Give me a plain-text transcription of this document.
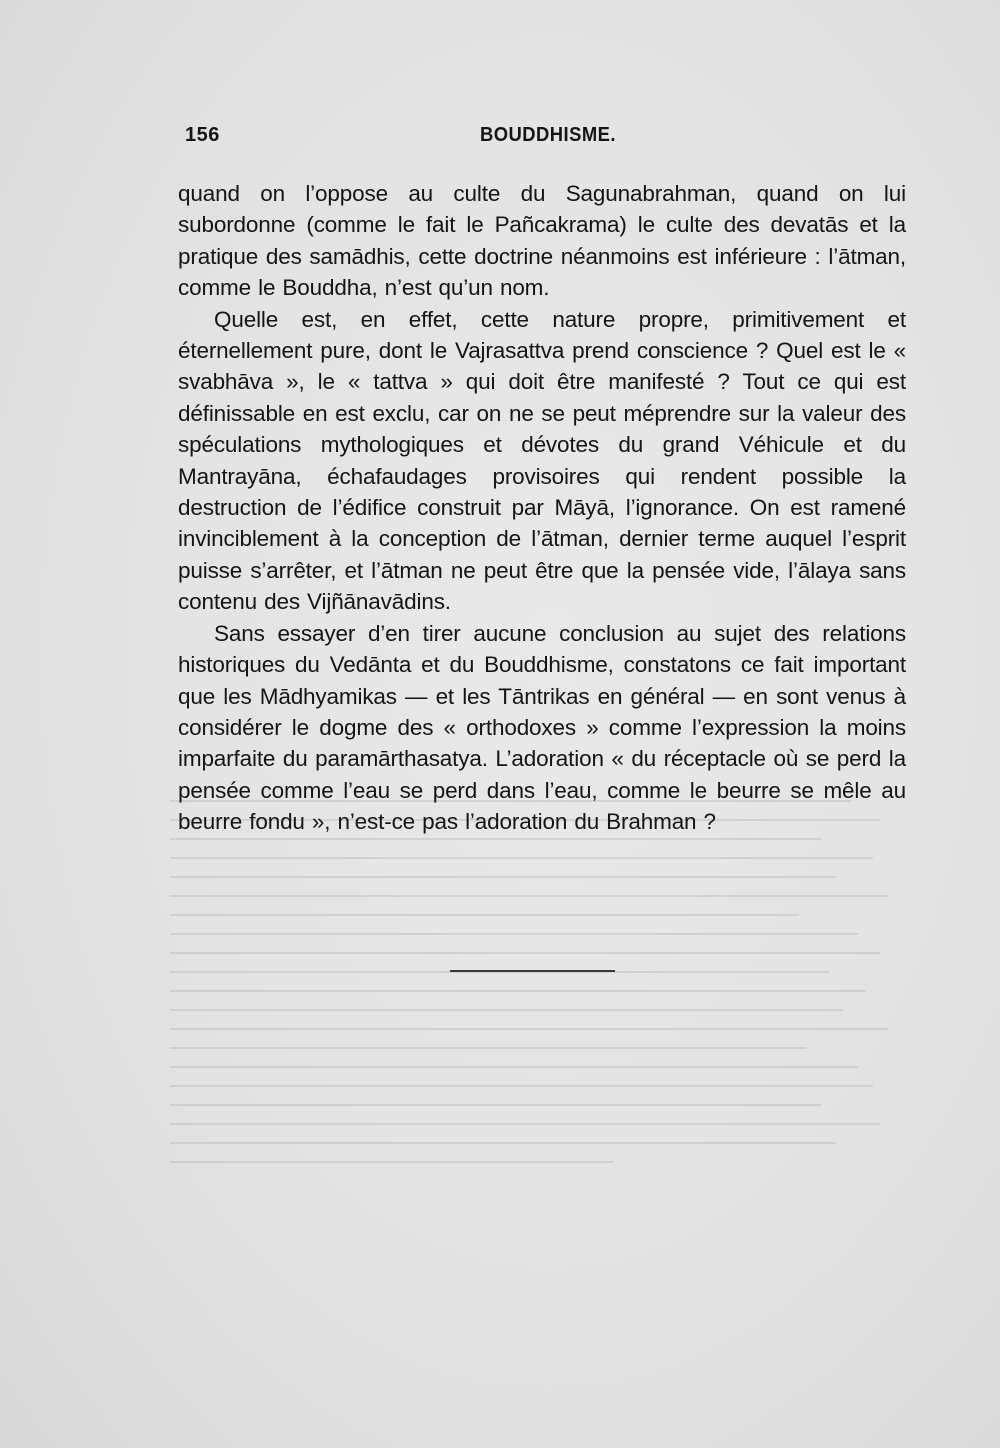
156	BOUDDHISME.

quand on l’oppose au culte du Sagunabrahman, quand on lui subordonne (comme le fait le Pañcakrama) le culte des devatās et la pratique des samādhis, cette doctrine néanmoins est inférieure : l’ātman, comme le Bouddha, n’est qu’un nom.

Quelle est, en effet, cette nature propre, primitivement et éternellement pure, dont le Vajrasattva prend conscience ? Quel est le « svabhāva », le « tattva » qui doit être manifesté ? Tout ce qui est définissable en est exclu, car on ne se peut méprendre sur la valeur des spéculations mythologiques et dévotes du grand Véhicule et du Mantrayāna, échafaudages provisoires qui rendent possible la destruction de l’édifice construit par Māyā, l’ignorance. On est ramené invinciblement à la conception de l’ātman, dernier terme auquel l’esprit puisse s’arrêter, et l’ātman ne peut être que la pensée vide, l’ālaya sans contenu des Vijñānavādins.

Sans essayer d’en tirer aucune conclusion au sujet des relations historiques du Vedānta et du Bouddhisme, constatons ce fait important que les Mādhyamikas — et les Tāntrikas en général — en sont venus à considérer le dogme des « orthodoxes » comme l’expression la moins imparfaite du paramārthasatya. L’adoration « du réceptacle où se perd la pensée comme l’eau se perd dans l’eau, comme le beurre se mêle au beurre fondu », n’est-ce pas l’adoration du Brahman ?
